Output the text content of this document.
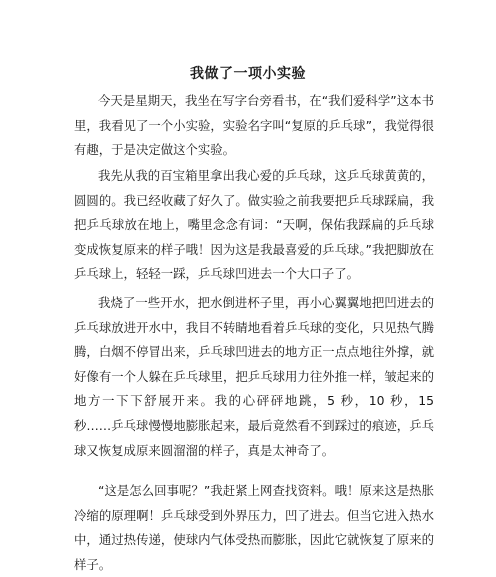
我做了一项小实验

今天是星期天，我坐在写字台旁看书，在“我们爱科学”这本书里，我看见了一个小实验，实验名字叫“复原的乒乓球”，我觉得很有趣，于是决定做这个实验。

我先从我的百宝箱里拿出我心爱的乒乓球，这乒乓球黄黄的，圆圆的。我已经收藏了好久了。做实验之前我要把乒乓球踩扁，我把乒乓球放在地上，嘴里念念有词：“天啊，保佑我踩扁的乒乓球变成恢复原来的样子哦！因为这是我最喜爱的乒乓球。”我把脚放在乒乓球上，轻轻一踩，乒乓球凹进去一个大口子了。

我烧了一些开水，把水倒进杯子里，再小心翼翼地把凹进去的乒乓球放进开水中，我目不转睛地看着乒乓球的变化，只见热气腾腾，白烟不停冒出来，乒乓球凹进去的地方正一点点地往外撑，就好像有一个人躲在乒乓球里，把乒乓球用力往外推一样，皱起来的地方一下下舒展开来。我的心砰砰地跳，5 秒，10 秒，15 秒……乒乓球慢慢地膨胀起来，最后竟然看不到踩过的痕迹，乒乓球又恢复成原来圆溜溜的样子，真是太神奇了。

“这是怎么回事呢？”我赶紧上网查找资料。哦！原来这是热胀冷缩的原理啊！乒乓球受到外界压力，凹了进去。但当它进入热水中，通过热传递，使球内气体受热而膨胀，因此它就恢复了原来的样子。
